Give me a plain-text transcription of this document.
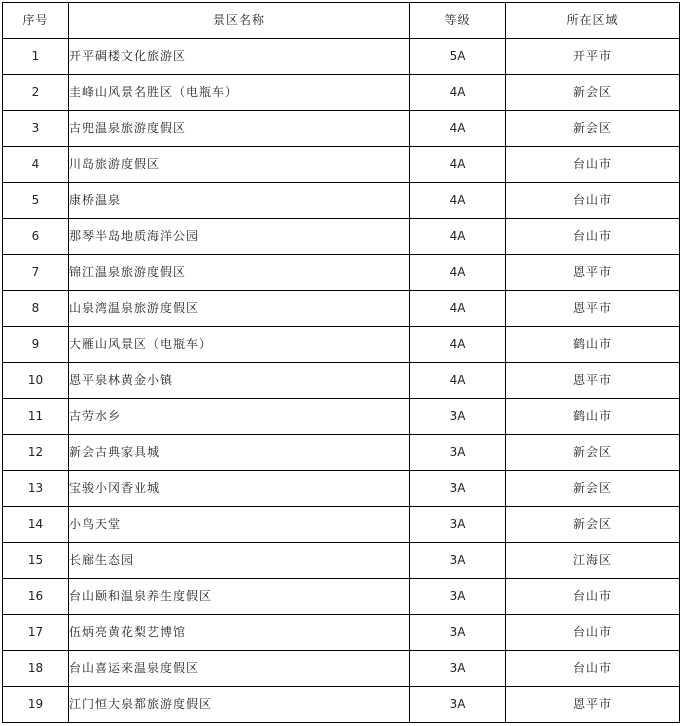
序号	景区名称	等级	所在区域
1	开平碉楼文化旅游区	5A	开平市
2	圭峰山风景名胜区（电瓶车）	4A	新会区
3	古兜温泉旅游度假区	4A	新会区
4	川岛旅游度假区	4A	台山市
5	康桥温泉	4A	台山市
6	那琴半岛地质海洋公园	4A	台山市
7	锦江温泉旅游度假区	4A	恩平市
8	山泉湾温泉旅游度假区	4A	恩平市
9	大雁山风景区（电瓶车）	4A	鹤山市
10	恩平泉林黄金小镇	4A	恩平市
11	古劳水乡	3A	鹤山市
12	新会古典家具城	3A	新会区
13	宝骏小冈香业城	3A	新会区
14	小鸟天堂	3A	新会区
15	长廊生态园	3A	江海区
16	台山颐和温泉养生度假区	3A	台山市
17	伍炳亮黄花梨艺博馆	3A	台山市
18	台山喜运来温泉度假区	3A	台山市
19	江门恒大泉都旅游度假区	3A	恩平市
